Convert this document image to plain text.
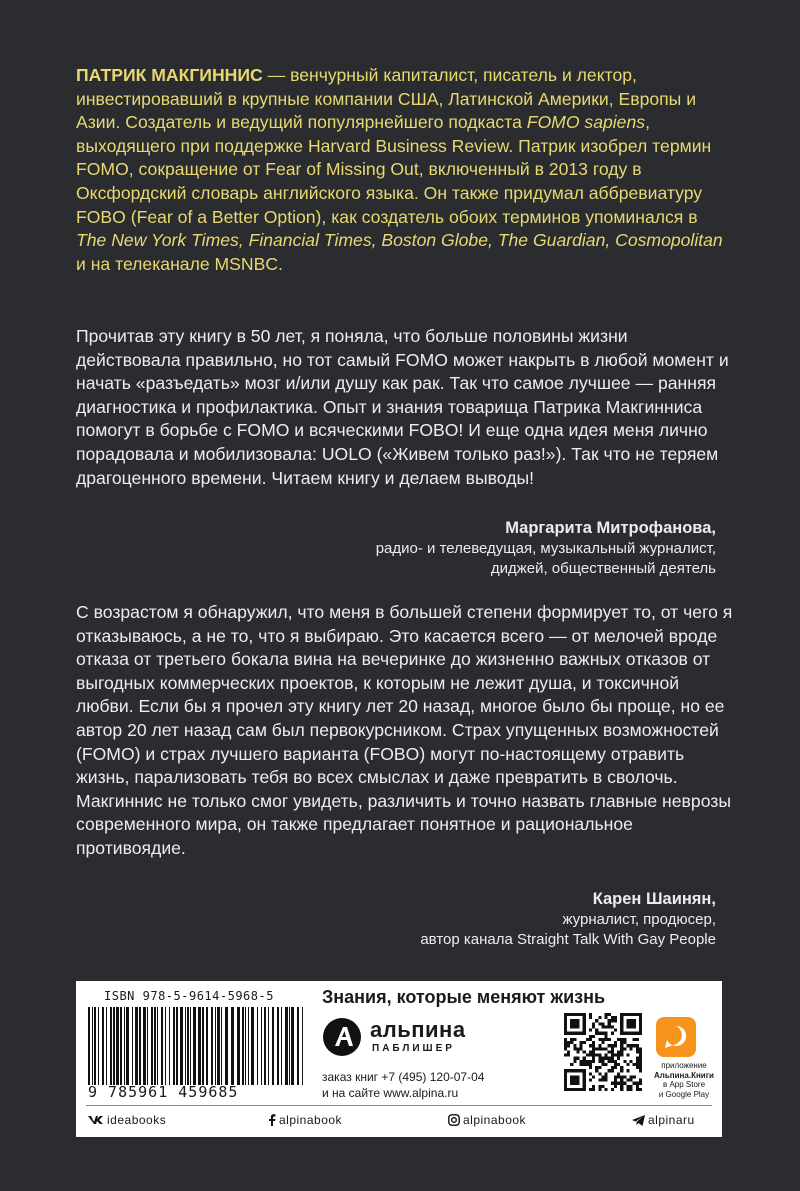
ПАТРИК МАКГИННИС — венчурный капиталист, писатель и лектор, инвестировавший в крупные компании США, Латинской Америки, Европы и Азии. Создатель и ведущий популярнейшего подкаста FOMO sapiens, выходящего при поддержке Harvard Business Review. Патрик изобрел термин FOMO, сокращение от Fear of Missing Out, включенный в 2013 году в Оксфордский словарь английского языка. Он также придумал аббревиатуру FOBO (Fear of a Better Option), как создатель обоих терминов упоминался в The New York Times, Financial Times, Boston Globe, The Guardian, Cosmopolitan и на телеканале MSNBC.
Прочитав эту книгу в 50 лет, я поняла, что больше половины жизни действовала правильно, но тот самый FOMO может накрыть в любой момент и начать «разъедать» мозг и/или душу как рак. Так что самое лучшее — ранняя диагностика и профилактика. Опыт и знания товарища Патрика Макгинниса помогут в борьбе с FOMO и всяческими FOBO! И еще одна идея меня лично порадовала и мобилизовала: UOLO («Живем только раз!»). Так что не теряем драгоценного времени. Читаем книгу и делаем выводы!
Маргарита Митрофанова,
радио- и телеведущая, музыкальный журналист,
диджей, общественный деятель
С возрастом я обнаружил, что меня в большей степени формирует то, от чего я отказываюсь, а не то, что я выбираю. Это касается всего — от мелочей вроде отказа от третьего бокала вина на вечеринке до жизненно важных отказов от выгодных коммерческих проектов, к которым не лежит душа, и токсичной любви. Если бы я прочел эту книгу лет 20 назад, многое было бы проще, но ее автор 20 лет назад сам был первокурсником. Страх упущенных возможностей (FOMO) и страх лучшего варианта (FOBO) могут по-настоящему отравить жизнь, парализовать тебя во всех смыслах и даже превратить в сволочь. Макгиннис не только смог увидеть, различить и точно назвать главные неврозы современного мира, он также предлагает понятное и рациональное противоядие.
Карен Шаинян,
журналист, продюсер,
автор канала Straight Talk With Gay People
ISBN 978-5-9614-5968-5
9 785961 459685
Знания, которые меняют жизнь
альпина
ПАБЛИШЕР
заказ книг +7 (495) 120-07-04
и на сайте www.alpina.ru
приложение
Альпина.Книги
в App Store
и Google Play
ideabooks	alpinabook	alpinabook	alpinaru
